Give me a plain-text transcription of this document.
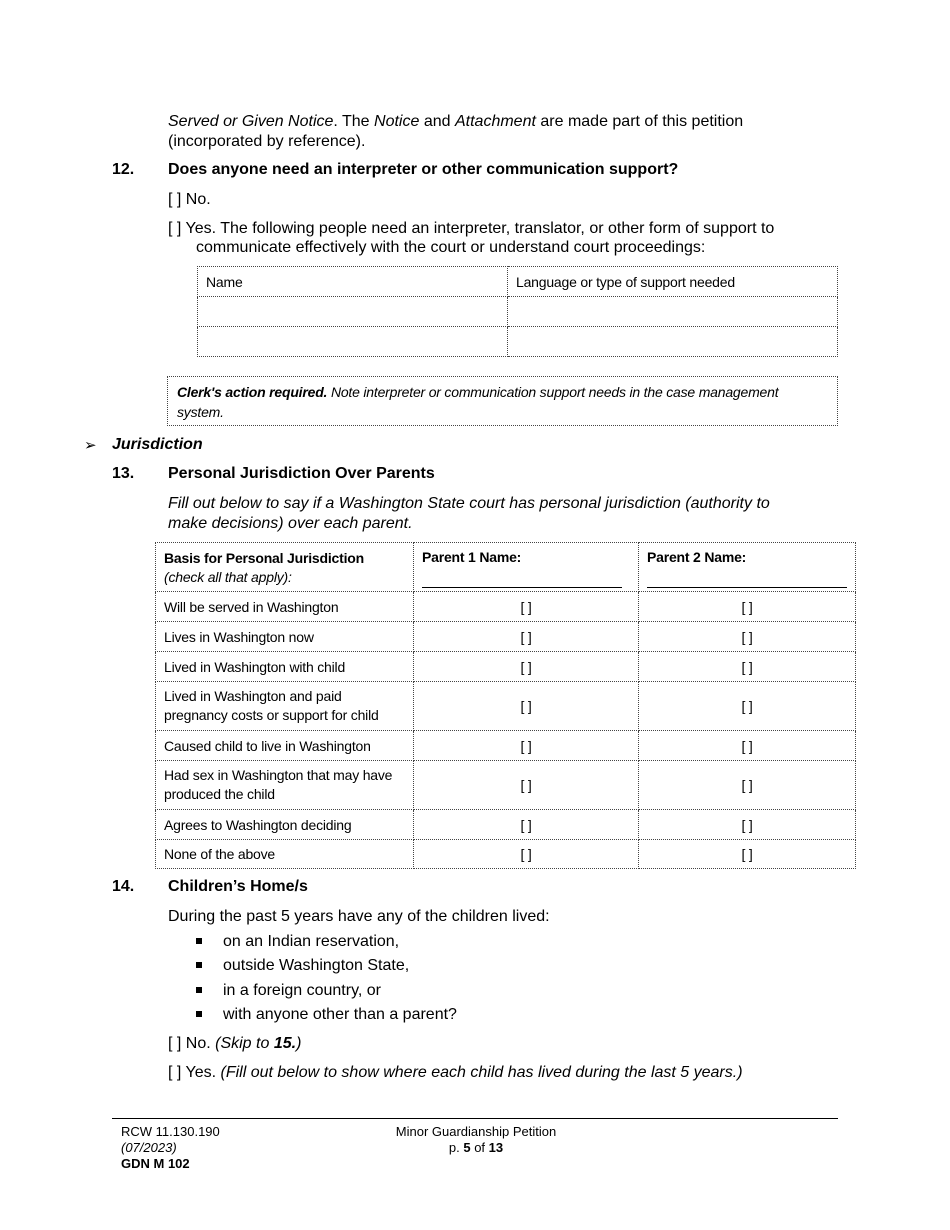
Served or Given Notice. The Notice and Attachment are made part of this petition
(incorporated by reference).
12. Does anyone need an interpreter or other communication support?
[ ] No.
[ ] Yes. The following people need an interpreter, translator, or other form of support to
communicate effectively with the court or understand court proceedings:
Name	Language or type of support needed

Clerk's action required. Note interpreter or communication support needs in the case management
system.
➢ Jurisdiction
13. Personal Jurisdiction Over Parents
Fill out below to say if a Washington State court has personal jurisdiction (authority to
make decisions) over each parent.
Basis for Personal Jurisdiction
(check all that apply):	Parent 1 Name:	Parent 2 Name:

Will be served in Washington	[ ]	[ ]
Lives in Washington now	[ ]	[ ]
Lived in Washington with child	[ ]	[ ]
Lived in Washington and paid
pregnancy costs or support for child	[ ]	[ ]
Caused child to live in Washington	[ ]	[ ]
Had sex in Washington that may have
produced the child	[ ]	[ ]
Agrees to Washington deciding	[ ]	[ ]
None of the above	[ ]	[ ]
14. Children’s Home/s
During the past 5 years have any of the children lived:
on an Indian reservation,
outside Washington State,
in a foreign country, or
with anyone other than a parent?
[ ] No. (Skip to 15.)
[ ] Yes. (Fill out below to show where each child has lived during the last 5 years.)
RCW 11.130.190
(07/2023)
GDN M 102
Minor Guardianship Petition
p. 5 of 13
